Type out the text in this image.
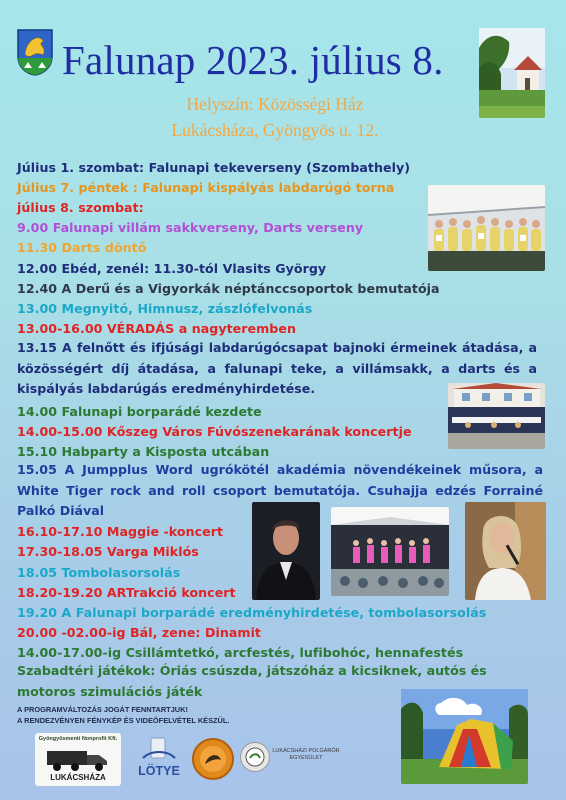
Falunap 2023. július 8.
Helyszín: Közösségi Ház
Lukácsháza, Gyöngyös u. 12.
Július 1. szombat: Falunapi tekeverseny (Szombathely)
Július 7. péntek : Falunapi kispályás labdarúgó torna
július 8. szombat:
9.00 Falunapi villám sakkverseny, Darts verseny
11.30 Darts döntő
12.00 Ebéd, zenél: 11.30-tól Vlasits György
12.40 A Derű és a Vigyorkák néptánccsoportok bemutatója
13.00 Megnyitó, Himnusz, zászlófelvonás
13.00-16.00 VÉRADÁS a nagyteremben
13.15 A felnőtt és ifjúsági labdarúgócsapat bajnoki érmeinek átadása, a közösségért díj átadása, a falunapi teke, a villámsakk, a darts és a kispályás labdarúgás eredményhirdetése.
14.00 Falunapi borparádé kezdete
14.00-15.00 Kőszeg Város Fúvószenekarának koncertje
15.10 Habparty a Kisposta utcában
15.05 A Jumpplus Word ugrókötél akadémia növendékeinek műsora, a White Tiger rock and roll csoport bemutatója. Csuhajja edzés Forrainé Palkó Diával
16.10-17.10 Maggie -koncert
17.30-18.05 Varga Miklós
18.05 Tombolasorsolás
18.20-19.20 ARTrakció koncert
19.20 A Falunapi borparádé eredményhirdetése, tombolasorsolás
20.00 -02.00-ig Bál, zene: Dinamit
14.00-17.00-ig Csillámtetkó, arcfestés, lufibohóc, hennafestés
Szabadtéri játékok: Óriás csúszda, játszóház a kicsiknek, autós és motoros szimulációs játék
A PROGRAMVÁLTOZÁS JOGÁT FENNTARTJUK!
A RENDEZVÉNYEN FÉNYKÉP ÉS VIDEÓFELVÉTEL KÉSZÜL.
Gyöngyösmenti Nonprofit Kft.
LUKÁCSHÁZA	LÖTYE
LUKÁCSHÁZI POLGÁRŐR EGYESÜLET
